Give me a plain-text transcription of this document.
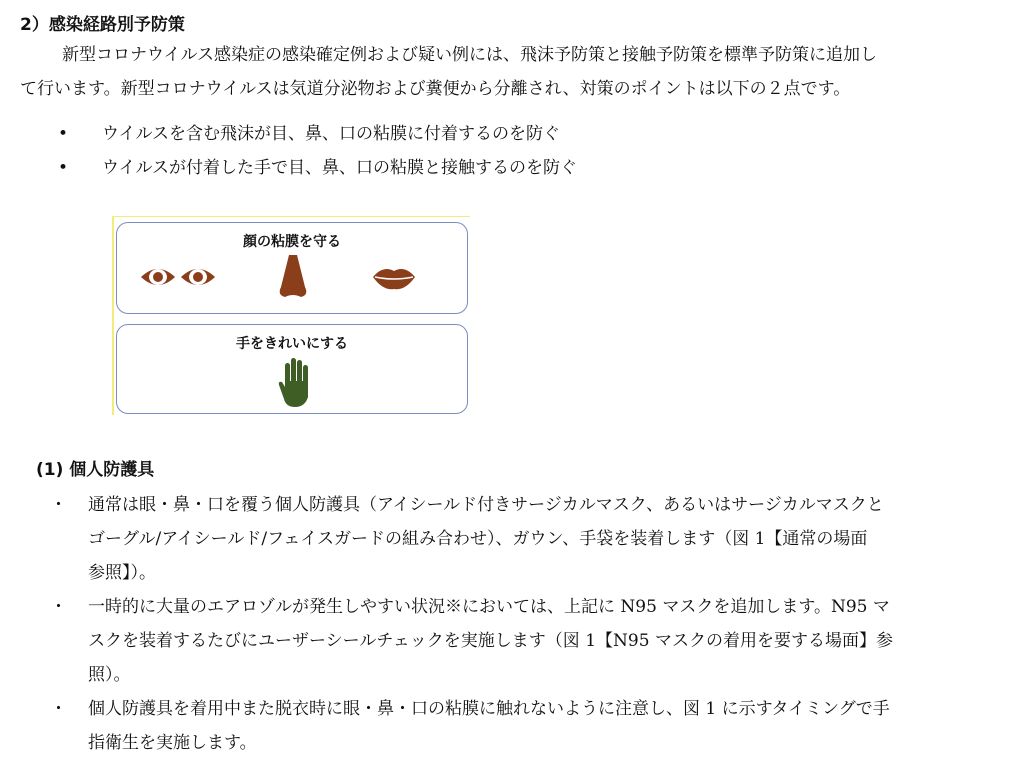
2）感染経路別予防策
新型コロナウイルス感染症の感染確定例および疑い例には、飛沫予防策と接触予防策を標準予防策に追加し
て行います。新型コロナウイルスは気道分泌物および糞便から分離され、対策のポイントは以下の２点です。
• ウイルスを含む飛沫が目、鼻、口の粘膜に付着するのを防ぐ
• ウイルスが付着した手で目、鼻、口の粘膜と接触するのを防ぐ
顔の粘膜を守る
手をきれいにする
(1) 個人防護具
・	通常は眼・鼻・口を覆う個人防護具（アイシールド付きサージカルマスク、あるいはサージカルマスクと
ゴーグル/アイシールド/フェイスガードの組み合わせ）、ガウン、手袋を装着します（図 1【通常の場面
参照】）。
・	一時的に大量のエアロゾルが発生しやすい状況※においては、上記に N95 マスクを追加します。N95 マ
スクを装着するたびにユーザーシールチェックを実施します（図 1【N95 マスクの着用を要する場面】参
照）。
・	個人防護具を着用中また脱衣時に眼・鼻・口の粘膜に触れないように注意し、図 1 に示すタイミングで手
指衛生を実施します。
